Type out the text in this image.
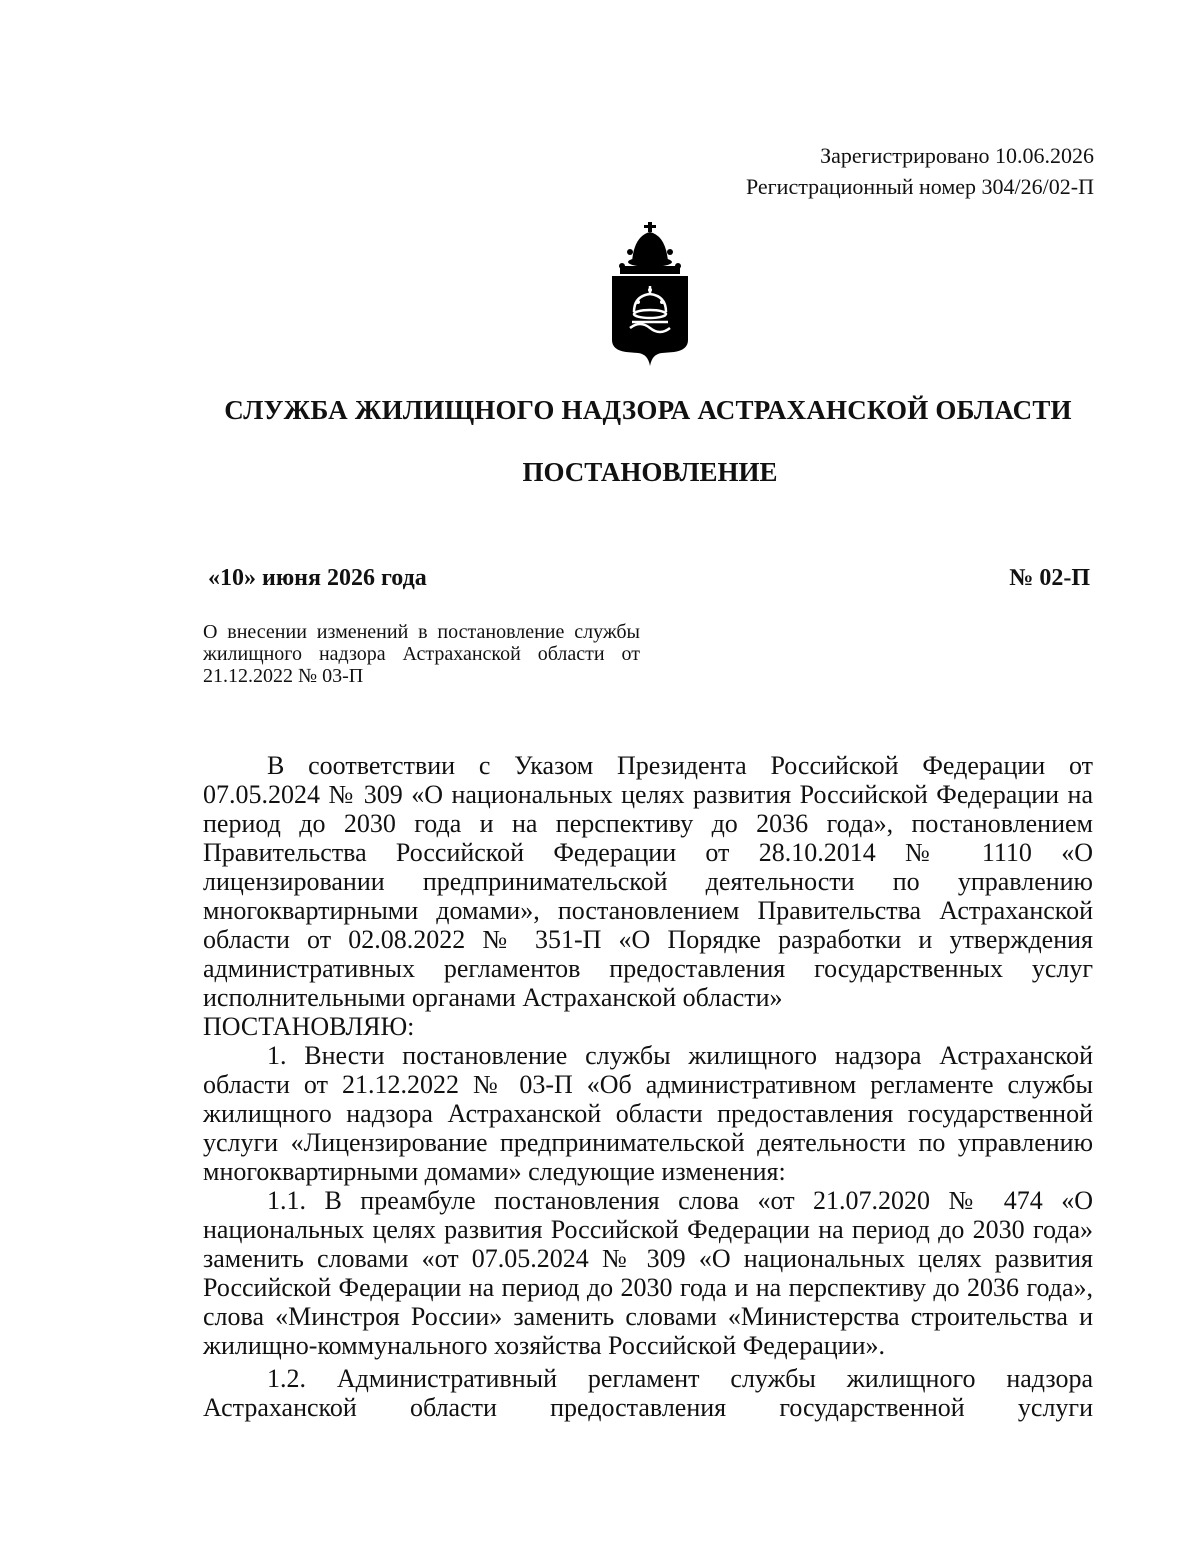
Зарегистрировано 10.06.2026
Регистрационный номер 304/26/02-П
СЛУЖБА ЖИЛИЩНОГО НАДЗОРА АСТРАХАНСКОЙ ОБЛАСТИ
ПОСТАНОВЛЕНИЕ
«10» июня 2026 года	№ 02-П
О внесении изменений в постановление службы жилищного надзора Астраханской области от 21.12.2022 № 03-П

В соответствии с Указом Президента Российской Федерации от 07.05.2024 № 309 «О национальных целях развития Российской Федерации на период до 2030 года и на перспективу до 2036 года», постановлением Правительства Российской Федерации от 28.10.2014 № 1110 «О лицензировании предпринимательской деятельности по управлению многоквартирными домами», постановлением Правительства Астраханской области от 02.08.2022 № 351-П «О Порядке разработки и утверждения административных регламентов предоставления государственных услуг исполнительными органами Астраханской области»

ПОСТАНОВЛЯЮ:

1. Внести постановление службы жилищного надзора Астраханской области от 21.12.2022 № 03-П «Об административном регламенте службы жилищного надзора Астраханской области предоставления государственной услуги «Лицензирование предпринимательской деятельности по управлению многоквартирными домами» следующие изменения:

1.1. В преамбуле постановления слова «от 21.07.2020 № 474 «О национальных целях развития Российской Федерации на период до 2030 года» заменить словами «от 07.05.2024 № 309 «О национальных целях развития Российской Федерации на период до 2030 года и на перспективу до 2036 года», слова «Минстроя России» заменить словами «Министерства строительства и жилищно-коммунального хозяйства Российской Федерации».

1.2. Административный регламент службы жилищного надзора Астраханской области предоставления государственной услуги
